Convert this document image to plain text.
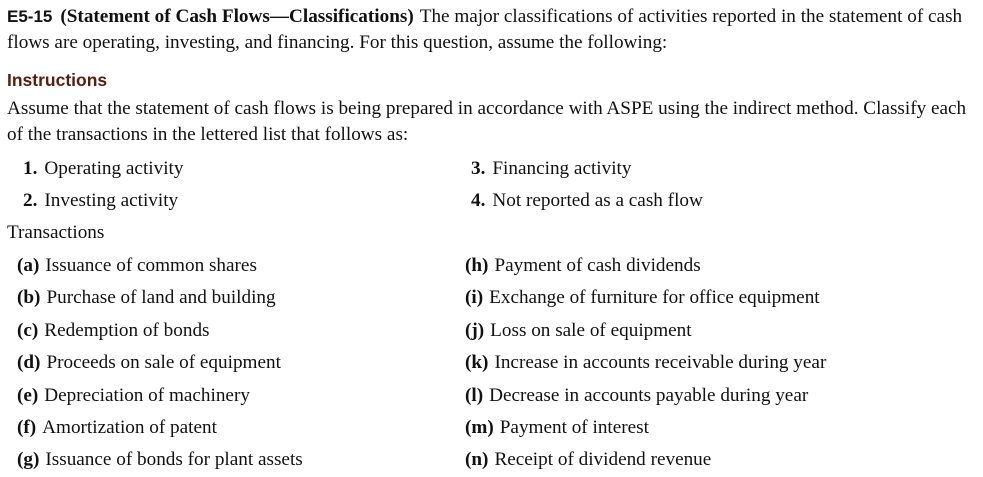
E5-15 (Statement of Cash Flows—Classifications) The major classifications of activities reported in the statement of cash flows are operating, investing, and financing. For this question, assume the following:

Instructions

Assume that the statement of cash flows is being prepared in accordance with ASPE using the indirect method. Classify each of the transactions in the lettered list that follows as:

1. Operating activity
2. Investing activity
3. Financing activity
4. Not reported as a cash flow
Transactions
(a) Issuance of common shares
(b) Purchase of land and building
(c) Redemption of bonds
(d) Proceeds on sale of equipment
(e) Depreciation of machinery
(f) Amortization of patent
(g) Issuance of bonds for plant assets
(h) Payment of cash dividends
(i) Exchange of furniture for office equipment
(j) Loss on sale of equipment
(k) Increase in accounts receivable during year
(l) Decrease in accounts payable during year
(m) Payment of interest
(n) Receipt of dividend revenue
